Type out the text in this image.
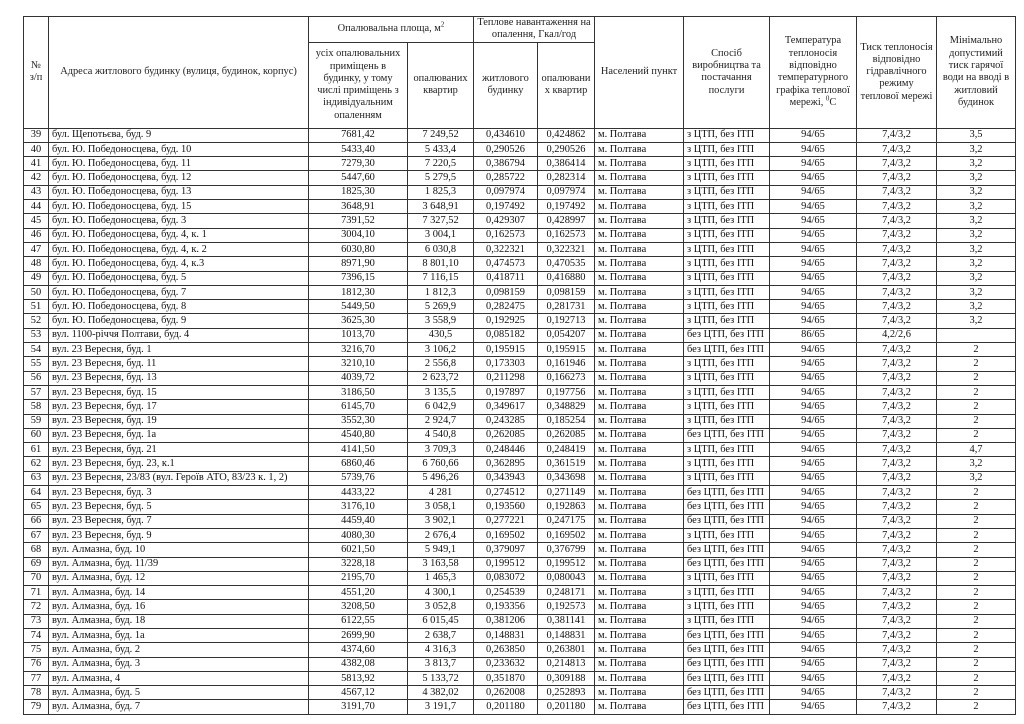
№ з/п	Адреса житлового будинку (вулиця, будинок, корпус)	Опалювальна площа, $м^2$		Теплове навантаження на опалення, Гкал/год		Населений пункт	Спосіб виробництва та постачання послуги	Температура теплоносія відповідно температурного графіка теплової мережі, $^0$C	Тиск теплоносія відповідно гідравлічного режиму теплової мережі	Мінімально допустимий тиск гарячої води на вводі в житловий будинок
		усіх опалювальних приміщень в будинку, у тому числі приміщень з індивідуальним опаленням	опалюваних квартир	житлового будинку	опалювани х квартир					
39	бул. Щепотьєва, буд. 9	7681,42	7 249,52	0,434610	0,424862	м. Полтава	з ЦТП, без ІТП	94/65	7,4/3,2	3,5
40	бул. Ю. Победоносцева, буд. 10	5433,40	5 433,4	0,290526	0,290526	м. Полтава	з ЦТП, без ІТП	94/65	7,4/3,2	3,2
41	бул. Ю. Победоносцева, буд. 11	7279,30	7 220,5	0,386794	0,386414	м. Полтава	з ЦТП, без ІТП	94/65	7,4/3,2	3,2
42	бул. Ю. Победоносцева, буд. 12	5447,60	5 279,5	0,285722	0,282314	м. Полтава	з ЦТП, без ІТП	94/65	7,4/3,2	3,2
43	бул. Ю. Победоносцева, буд. 13	1825,30	1 825,3	0,097974	0,097974	м. Полтава	з ЦТП, без ІТП	94/65	7,4/3,2	3,2
44	бул. Ю. Победоносцева, буд. 15	3648,91	3 648,91	0,197492	0,197492	м. Полтава	з ЦТП, без ІТП	94/65	7,4/3,2	3,2
45	бул. Ю. Победоносцева, буд. 3	7391,52	7 327,52	0,429307	0,428997	м. Полтава	з ЦТП, без ІТП	94/65	7,4/3,2	3,2
46	бул. Ю. Победоносцева, буд. 4, к. 1	3004,10	3 004,1	0,162573	0,162573	м. Полтава	з ЦТП, без ІТП	94/65	7,4/3,2	3,2
47	бул. Ю. Победоносцева, буд. 4, к. 2	6030,80	6 030,8	0,322321	0,322321	м. Полтава	з ЦТП, без ІТП	94/65	7,4/3,2	3,2
48	бул. Ю. Победоносцева, буд. 4, к.3	8971,90	8 801,10	0,474573	0,470535	м. Полтава	з ЦТП, без ІТП	94/65	7,4/3,2	3,2
49	бул. Ю. Победоносцева, буд. 5	7396,15	7 116,15	0,418711	0,416880	м. Полтава	з ЦТП, без ІТП	94/65	7,4/3,2	3,2
50	бул. Ю. Победоносцева, буд. 7	1812,30	1 812,3	0,098159	0,098159	м. Полтава	з ЦТП, без ІТП	94/65	7,4/3,2	3,2
51	бул. Ю. Победоносцева, буд. 8	5449,50	5 269,9	0,282475	0,281731	м. Полтава	з ЦТП, без ІТП	94/65	7,4/3,2	3,2
52	бул. Ю. Победоносцева, буд. 9	3625,30	3 558,9	0,192925	0,192713	м. Полтава	з ЦТП, без ІТП	94/65	7,4/3,2	3,2
53	вул. 1100-річчя Полтави, буд. 4	1013,70	430,5	0,085182	0,054207	м. Полтава	без ЦТП, без ІТП	86/65	4,2/2,6	
54	вул. 23 Вересня, буд. 1	3216,70	3 106,2	0,195915	0,195915	м. Полтава	без ЦТП, без ІТП	94/65	7,4/3,2	2
55	вул. 23 Вересня, буд. 11	3210,10	2 556,8	0,173303	0,161946	м. Полтава	з ЦТП, без ІТП	94/65	7,4/3,2	2
56	вул. 23 Вересня, буд. 13	4039,72	2 623,72	0,211298	0,166273	м. Полтава	з ЦТП, без ІТП	94/65	7,4/3,2	2
57	вул. 23 Вересня, буд. 15	3186,50	3 135,5	0,197897	0,197756	м. Полтава	з ЦТП, без ІТП	94/65	7,4/3,2	2
58	вул. 23 Вересня, буд. 17	6145,70	6 042,9	0,349617	0,348829	м. Полтава	з ЦТП, без ІТП	94/65	7,4/3,2	2
59	вул. 23 Вересня, буд. 19	3552,30	2 924,7	0,243285	0,185254	м. Полтава	з ЦТП, без ІТП	94/65	7,4/3,2	2
60	вул. 23 Вересня, буд. 1а	4540,80	4 540,8	0,262085	0,262085	м. Полтава	без ЦТП, без ІТП	94/65	7,4/3,2	2
61	вул. 23 Вересня, буд. 21	4141,50	3 709,3	0,248446	0,248419	м. Полтава	з ЦТП, без ІТП	94/65	7,4/3,2	4,7
62	вул. 23 Вересня, буд. 23, к.1	6860,46	6 760,66	0,362895	0,361519	м. Полтава	з ЦТП, без ІТП	94/65	7,4/3,2	3,2
63	вул. 23 Вересня, 23/83 (вул. Героїв АТО, 83/23 к. 1, 2)	5739,76	5 496,26	0,343943	0,343698	м. Полтава	з ЦТП, без ІТП	94/65	7,4/3,2	3,2
64	вул. 23 Вересня, буд. 3	4433,22	4 281	0,274512	0,271149	м. Полтава	без ЦТП, без ІТП	94/65	7,4/3,2	2
65	вул. 23 Вересня, буд. 5	3176,10	3 058,1	0,193560	0,192863	м. Полтава	без ЦТП, без ІТП	94/65	7,4/3,2	2
66	вул. 23 Вересня, буд. 7	4459,40	3 902,1	0,277221	0,247175	м. Полтава	без ЦТП, без ІТП	94/65	7,4/3,2	2
67	вул. 23 Вересня, буд. 9	4080,30	2 676,4	0,169502	0,169502	м. Полтава	з ЦТП, без ІТП	94/65	7,4/3,2	2
68	вул. Алмазна, буд. 10	6021,50	5 949,1	0,379097	0,376799	м. Полтава	без ЦТП, без ІТП	94/65	7,4/3,2	2
69	вул. Алмазна, буд. 11/39	3228,18	3 163,58	0,199512	0,199512	м. Полтава	без ЦТП, без ІТП	94/65	7,4/3,2	2
70	вул. Алмазна, буд. 12	2195,70	1 465,3	0,083072	0,080043	м. Полтава	з ЦТП, без ІТП	94/65	7,4/3,2	2
71	вул. Алмазна, буд. 14	4551,20	4 300,1	0,254539	0,248171	м. Полтава	з ЦТП, без ІТП	94/65	7,4/3,2	2
72	вул. Алмазна, буд. 16	3208,50	3 052,8	0,193356	0,192573	м. Полтава	з ЦТП, без ІТП	94/65	7,4/3,2	2
73	вул. Алмазна, буд. 18	6122,55	6 015,45	0,381206	0,381141	м. Полтава	з ЦТП, без ІТП	94/65	7,4/3,2	2
74	вул. Алмазна, буд. 1а	2699,90	2 638,7	0,148831	0,148831	м. Полтава	без ЦТП, без ІТП	94/65	7,4/3,2	2
75	вул. Алмазна, буд. 2	4374,60	4 316,3	0,263850	0,263801	м. Полтава	без ЦТП, без ІТП	94/65	7,4/3,2	2
76	вул. Алмазна, буд. 3	4382,08	3 813,7	0,233632	0,214813	м. Полтава	без ЦТП, без ІТП	94/65	7,4/3,2	2
77	вул. Алмазна, 4	5813,92	5 133,72	0,351870	0,309188	м. Полтава	без ЦТП, без ІТП	94/65	7,4/3,2	2
78	вул. Алмазна, буд. 5	4567,12	4 382,02	0,262008	0,252893	м. Полтава	без ЦТП, без ІТП	94/65	7,4/3,2	2
79	вул. Алмазна, буд. 7	3191,70	3 191,7	0,201180	0,201180	м. Полтава	без ЦТП, без ІТП	94/65	7,4/3,2	2
